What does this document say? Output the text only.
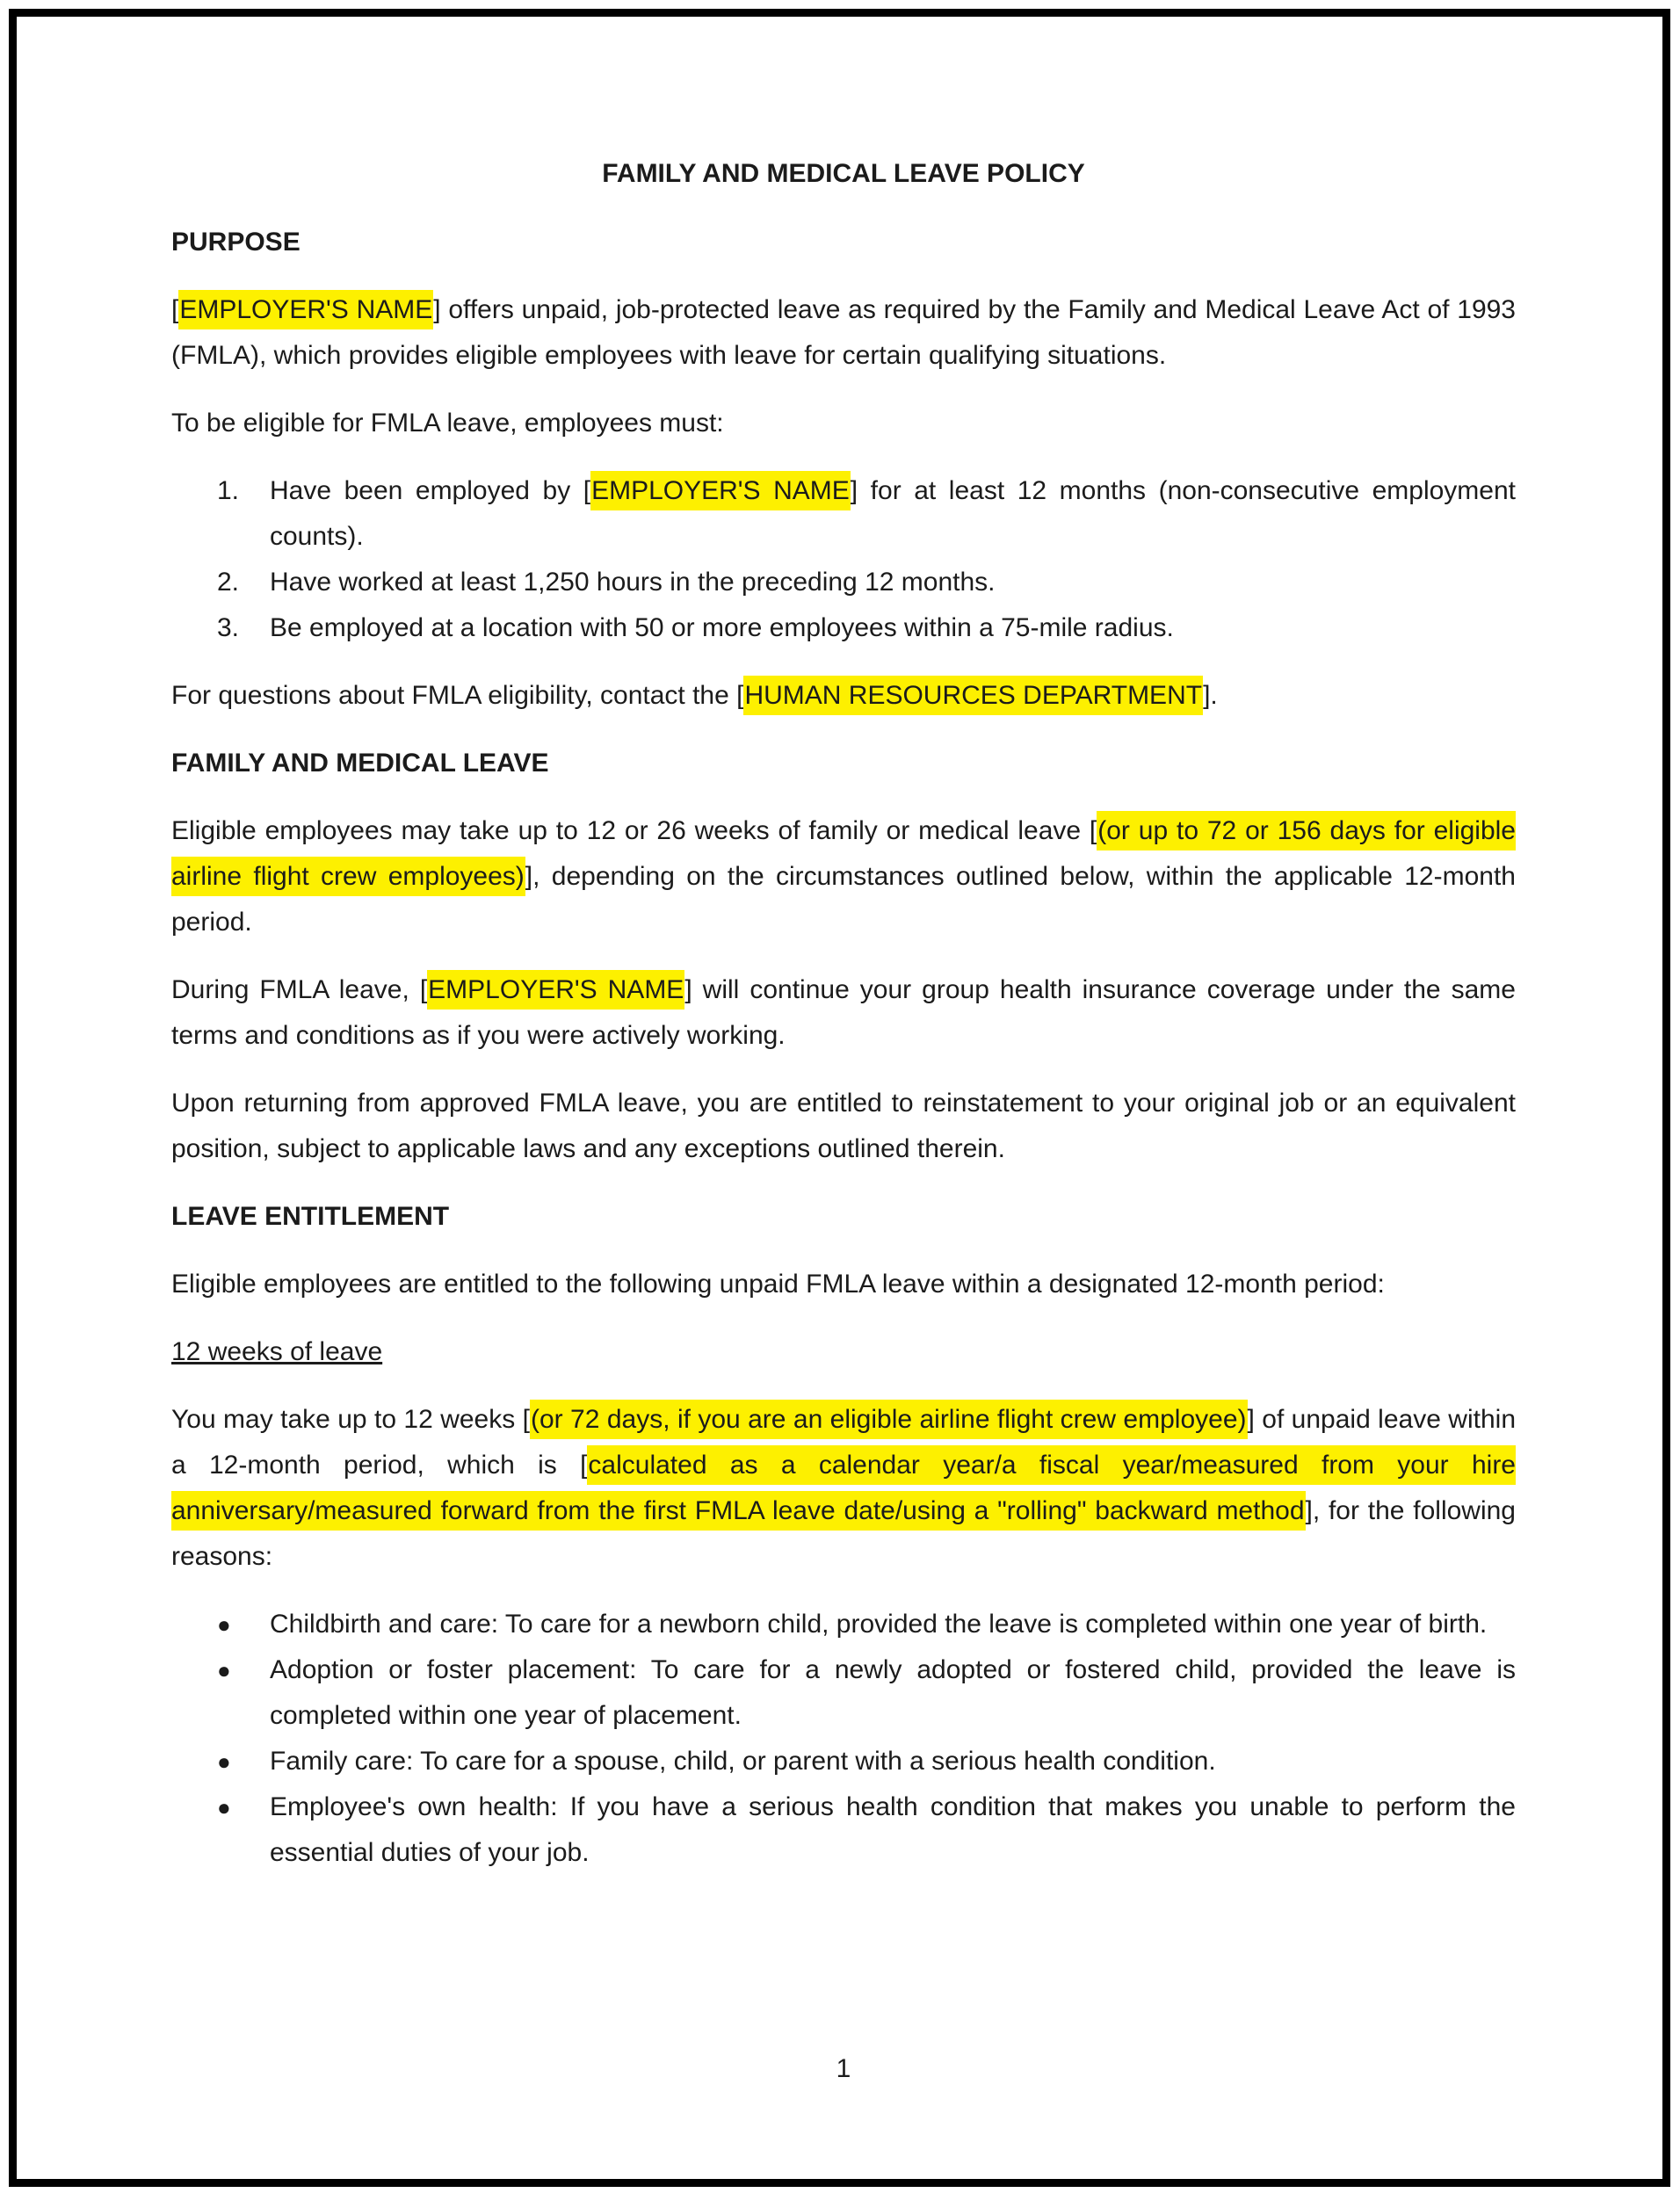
FAMILY AND MEDICAL LEAVE POLICY
PURPOSE

[EMPLOYER'S NAME] offers unpaid, job-protected leave as required by the Family and Medical Leave Act of 1993 (FMLA), which provides eligible employees with leave for certain qualifying situations.

To be eligible for FMLA leave, employees must:

1.	Have been employed by [EMPLOYER'S NAME] for at least 12 months (non-consecutive employment counts).
2.	Have worked at least 1,250 hours in the preceding 12 months.
3.	Be employed at a location with 50 or more employees within a 75-mile radius.

For questions about FMLA eligibility, contact the [HUMAN RESOURCES DEPARTMENT].

FAMILY AND MEDICAL LEAVE

Eligible employees may take up to 12 or 26 weeks of family or medical leave [(or up to 72 or 156 days for eligible airline flight crew employees)], depending on the circumstances outlined below, within the applicable 12-month period.

During FMLA leave, [EMPLOYER'S NAME] will continue your group health insurance coverage under the same terms and conditions as if you were actively working.

Upon returning from approved FMLA leave, you are entitled to reinstatement to your original job or an equivalent position, subject to applicable laws and any exceptions outlined therein.

LEAVE ENTITLEMENT

Eligible employees are entitled to the following unpaid FMLA leave within a designated 12-month period:

12 weeks of leave

You may take up to 12 weeks [(or 72 days, if you are an eligible airline flight crew employee)] of unpaid leave within a 12-month period, which is [calculated as a calendar year/a fiscal year/measured from your hire anniversary/measured forward from the first FMLA leave date/using a "rolling" backward method], for the following reasons:

●	Childbirth and care: To care for a newborn child, provided the leave is completed within one year of birth.
●	Adoption or foster placement: To care for a newly adopted or fostered child, provided the leave is completed within one year of placement.
●	Family care: To care for a spouse, child, or parent with a serious health condition.
●	Employee's own health: If you have a serious health condition that makes you unable to perform the essential duties of your job.
1
